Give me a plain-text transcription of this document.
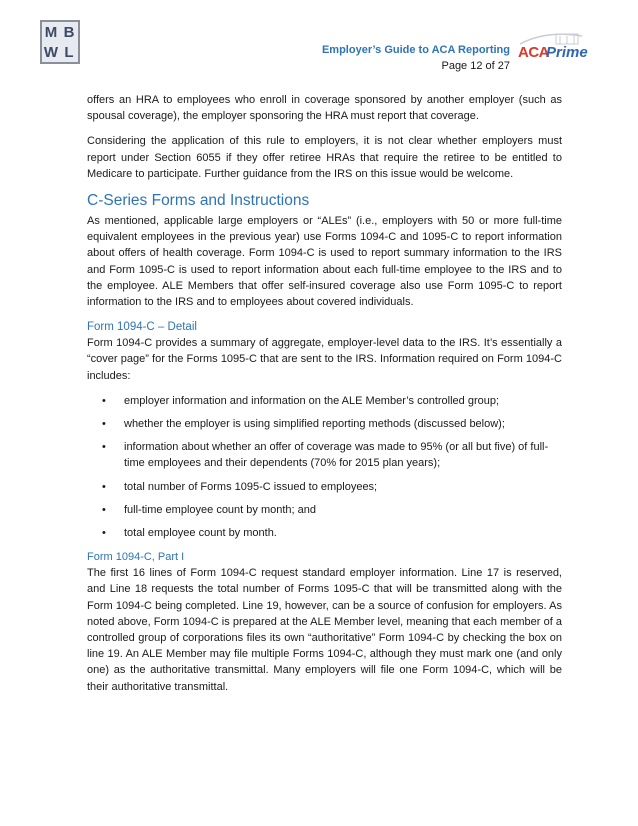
M B
W L	Employer’s Guide to ACA Reporting
Page 12 of 27
ACA
Prime

offers an HRA to employees who enroll in coverage sponsored by another employer (such as spousal coverage), the employer sponsoring the HRA must report that coverage.

Considering the application of this rule to employers, it is not clear whether employers must report under Section 6055 if they offer retiree HRAs that require the retiree to be entitled to Medicare to participate. Further guidance from the IRS on this issue would be welcome.

C-Series Forms and Instructions

As mentioned, applicable large employers or “ALEs” (i.e., employers with 50 or more full-time equivalent employees in the previous year) use Forms 1094-C and 1095-C to report information about offers of health coverage. Form 1094-C is used to report summary information to the IRS and Form 1095-C is used to report information about each full-time employee to the IRS and to the employee. ALE Members that offer self-insured coverage also use Form 1095-C to report information to the IRS and to employees about covered individuals.

Form 1094-C – Detail

Form 1094-C provides a summary of aggregate, employer-level data to the IRS. It’s essentially a “cover page” for the Forms 1095-C that are sent to the IRS. Information required on Form 1094-C includes:

• employer information and information on the ALE Member’s controlled group;
• whether the employer is using simplified reporting methods (discussed below);
• information about whether an offer of coverage was made to 95% (or all but five) of full-time employees and their dependents (70% for 2015 plan years);
• total number of Forms 1095-C issued to employees;
• full-time employee count by month; and
• total employee count by month.
Form 1094-C, Part I

The first 16 lines of Form 1094-C request standard employer information. Line 17 is reserved, and Line 18 requests the total number of Forms 1095-C that will be transmitted along with the Form 1094-C being completed. Line 19, however, can be a source of confusion for employers. As noted above, Form 1094-C is prepared at the ALE Member level, meaning that each member of a controlled group of corporations files its own “authoritative” Form 1094-C by checking the box on line 19. An ALE Member may file multiple Forms 1094-C, although they must mark one (and only one) as the authoritative transmittal. Many employers will file one Form 1094-C, which will be their authoritative transmittal.
